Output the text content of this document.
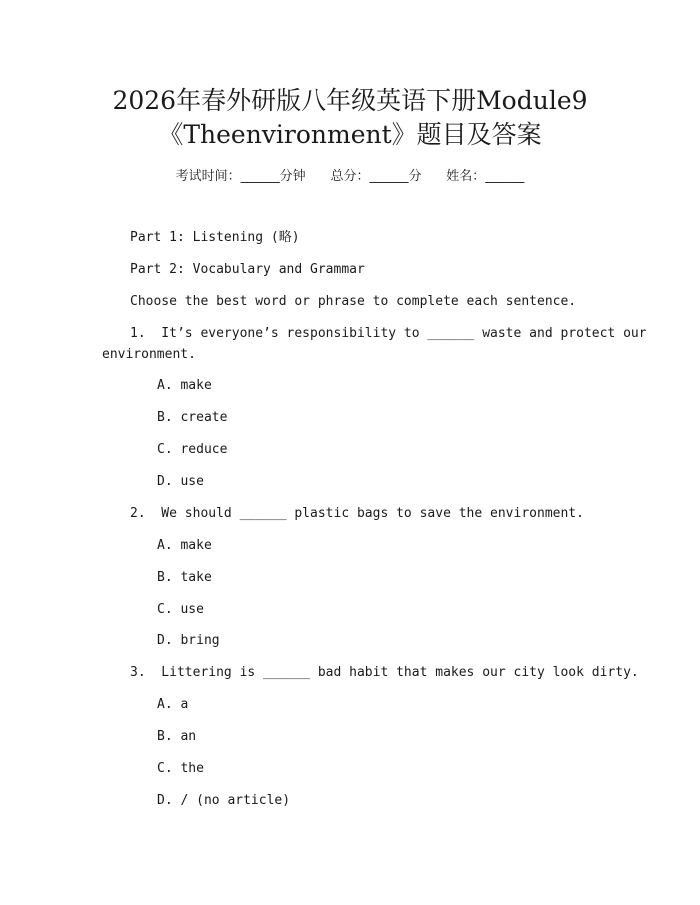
2026年春外研版八年级英语下册Module9
《Theenvironment》题目及答案
考试时间：______分钟 总分：______分 姓名：______

Part 1: Listening (略)

Part 2: Vocabulary and Grammar

Choose the best word or phrase to complete each sentence.

1.  It’s everyone’s responsibility to ______ waste and protect our

environment.

A. make

B. create

C. reduce

D. use

2.  We should ______ plastic bags to save the environment.

A. make

B. take

C. use

D. bring

3.  Littering is ______ bad habit that makes our city look dirty.

A. a

B. an

C. the

D. / (no article)
